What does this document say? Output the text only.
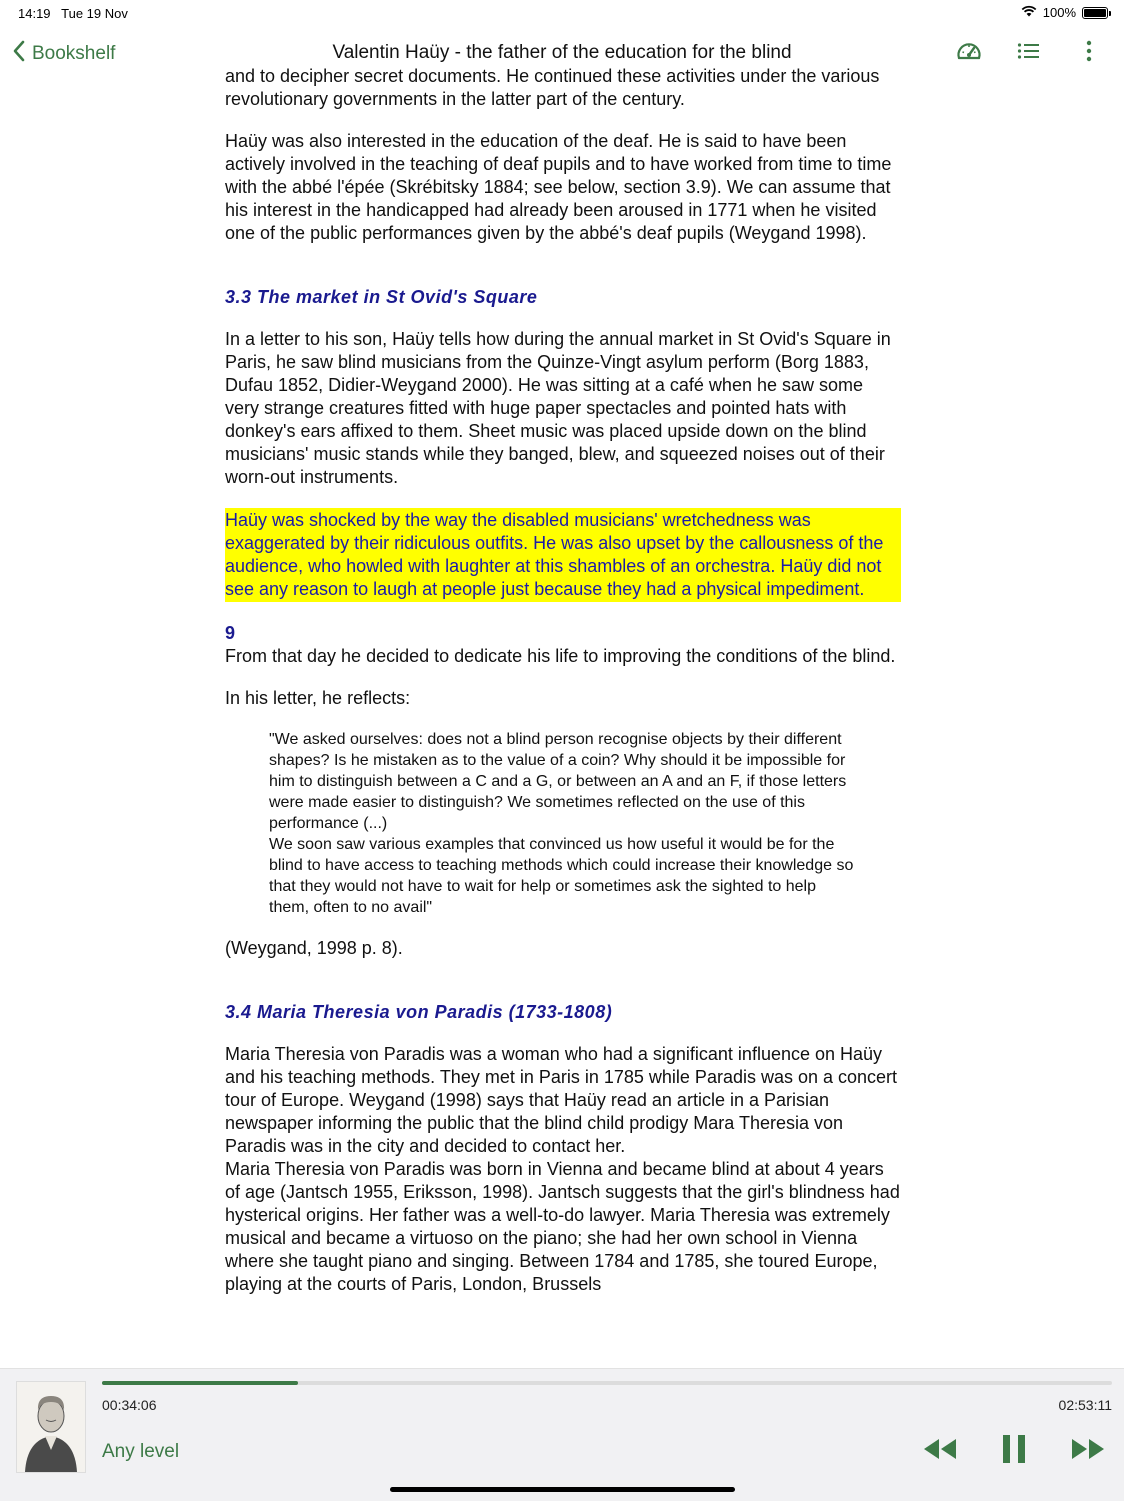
14:19 Tue 19 Nov	100%
Bookshelf	Valentin Haüy - the father of the education for the blind

and to decipher secret documents. He continued these activities under the various revolutionary governments in the latter part of the century.

Haüy was also interested in the education of the deaf. He is said to have been actively involved in the teaching of deaf pupils and to have worked from time to time with the abbé l'épée (Skrébitsky 1884; see below, section 3.9). We can assume that his interest in the handicapped had already been aroused in 1771 when he visited one of the public performances given by the abbé's deaf pupils (Weygand 1998).

3.3 The market in St Ovid's Square

In a letter to his son, Haüy tells how during the annual market in St Ovid's Square in Paris, he saw blind musicians from the Quinze-Vingt asylum perform (Borg 1883, Dufau 1852, Didier-Weygand 2000). He was sitting at a café when he saw some very strange creatures fitted with huge paper spectacles and pointed hats with donkey's ears affixed to them. Sheet music was placed upside down on the blind musicians' music stands while they banged, blew, and squeezed noises out of their worn-out instruments.

Haüy was shocked by the way the disabled musicians' wretchedness was exaggerated by their ridiculous outfits. He was also upset by the callousness of the audience, who howled with laughter at this shambles of an orchestra. Haüy did not see any reason to laugh at people just because they had a physical impediment.

9

From that day he decided to dedicate his life to improving the conditions of the blind.

In his letter, he reflects:

"We asked ourselves: does not a blind person recognise objects by their different shapes? Is he mistaken as to the value of a coin? Why should it be impossible for him to distinguish between a C and a G, or between an A and an F, if those letters were made easier to distinguish? We sometimes reflected on the use of this performance (...)

We soon saw various examples that convinced us how useful it would be for the blind to have access to teaching methods which could increase their knowledge so that they would not have to wait for help or sometimes ask the sighted to help them, often to no avail"

(Weygand, 1998 p. 8).

3.4 Maria Theresia von Paradis (1733-1808)

Maria Theresia von Paradis was a woman who had a significant influence on Haüy and his teaching methods. They met in Paris in 1785 while Paradis was on a concert tour of Europe. Weygand (1998) says that Haüy read an article in a Parisian newspaper informing the public that the blind child prodigy Mara Theresia von Paradis was in the city and decided to contact her.

Maria Theresia von Paradis was born in Vienna and became blind at about 4 years of age (Jantsch 1955, Eriksson, 1998). Jantsch suggests that the girl's blindness had hysterical origins. Her father was a well-to-do lawyer. Maria Theresia was extremely musical and became a virtuoso on the piano; she had her own school in Vienna where she taught piano and singing. Between 1784 and 1785, she toured Europe, playing at the courts of Paris, London, Brussels

00:34:06	02:53:11
Any level
